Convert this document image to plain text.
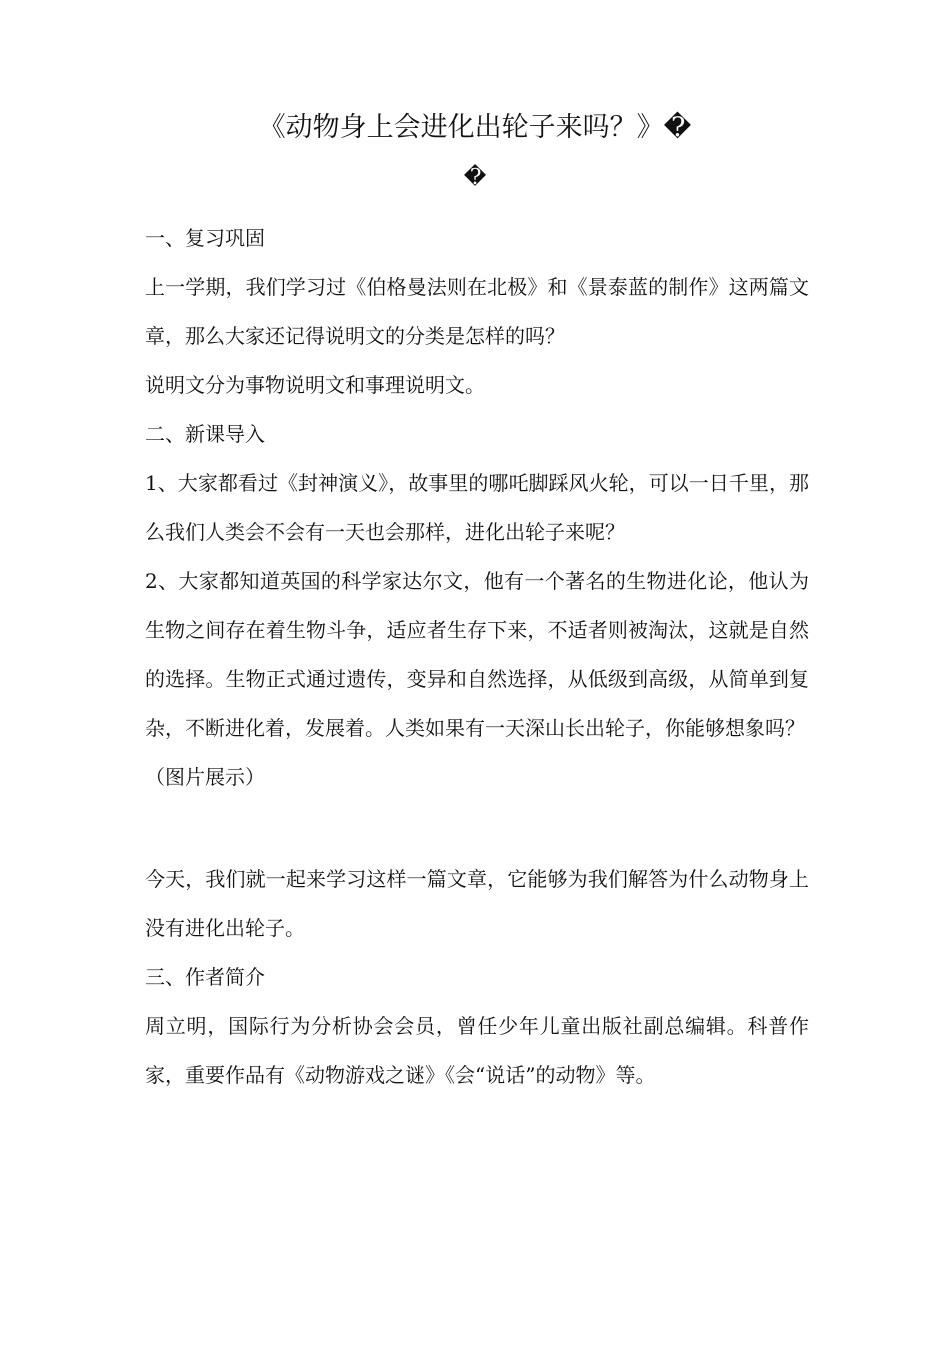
《动物身上会进化出轮子来吗？》�
�

一、复习巩固

上一学期，我们学习过《伯格曼法则在北极》和《景泰蓝的制作》这两篇文章，那么大家还记得说明文的分类是怎样的吗？

说明文分为事物说明文和事理说明文。

二、新课导入

1、大家都看过《封神演义》，故事里的哪吒脚踩风火轮，可以一日千里，那么我们人类会不会有一天也会那样，进化出轮子来呢？

2、大家都知道英国的科学家达尔文，他有一个著名的生物进化论，他认为生物之间存在着生物斗争，适应者生存下来，不适者则被淘汰，这就是自然的选择。生物正式通过遗传，变异和自然选择，从低级到高级，从简单到复杂，不断进化着，发展着。人类如果有一天深山长出轮子，你能够想象吗？

（图片展示）

今天，我们就一起来学习这样一篇文章，它能够为我们解答为什么动物身上没有进化出轮子。

三、作者简介

周立明，国际行为分析协会会员，曾任少年儿童出版社副总编辑。科普作家，重要作品有《动物游戏之谜》《会“说话”的动物》等。
